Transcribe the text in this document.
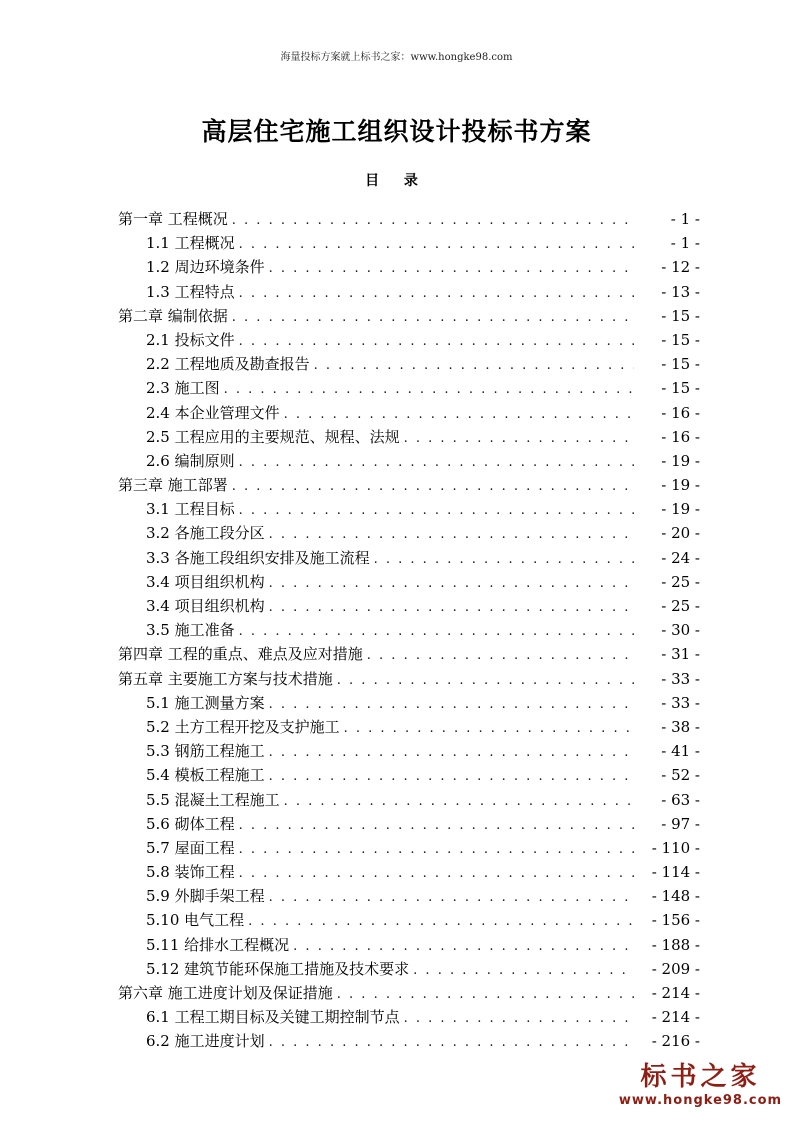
海量投标方案就上标书之家：www.hongke98.com
高层住宅施工组织设计投标书方案
目 录
第一章 工程概况 . . .	- 1 -
1.1 工程概况 . . .	- 1 -
1.2 周边环境条件 . . .	- 12 -
1.3 工程特点 . . .	- 13 -
第二章 编制依据 . . .	- 15 -
2.1 投标文件 . . .	- 15 -
2.2 工程地质及勘查报告 . . .	- 15 -
2.3 施工图 . . .	- 15 -
2.4 本企业管理文件 . . .	- 16 -
2.5 工程应用的主要规范、规程、法规 . . .	- 16 -
2.6 编制原则 . . .	- 19 -
第三章 施工部署 . . .	- 19 -
3.1 工程目标 . . .	- 19 -
3.2 各施工段分区 . . .	- 20 -
3.3 各施工段组织安排及施工流程 . . .	- 24 -
3.4 项目组织机构 . . .	- 25 -
3.4 项目组织机构 . . .	- 25 -
3.5 施工准备 . . .	- 30 -
第四章 工程的重点、难点及应对措施 . . .	- 31 -
第五章 主要施工方案与技术措施 . . .	- 33 -
5.1 施工测量方案 . . .	- 33 -
5.2 土方工程开挖及支护施工 . . .	- 38 -
5.3 钢筋工程施工 . . .	- 41 -
5.4 模板工程施工 . . .	- 52 -
5.5 混凝土工程施工 . . .	- 63 -
5.6 砌体工程 . . .	- 97 -
5.7 屋面工程 . . .	- 110 -
5.8 装饰工程 . . .	- 114 -
5.9 外脚手架工程 . . .	- 148 -
5.10 电气工程 . . .	- 156 -
5.11 给排水工程概况 . . .	- 188 -
5.12 建筑节能环保施工措施及技术要求 . . .	- 209 -
第六章 施工进度计划及保证措施 . . .	- 214 -
6.1 工程工期目标及关键工期控制节点 . . .	- 214 -
6.2 施工进度计划 . . .	- 216 -
标书之家
www.hongke98.com
